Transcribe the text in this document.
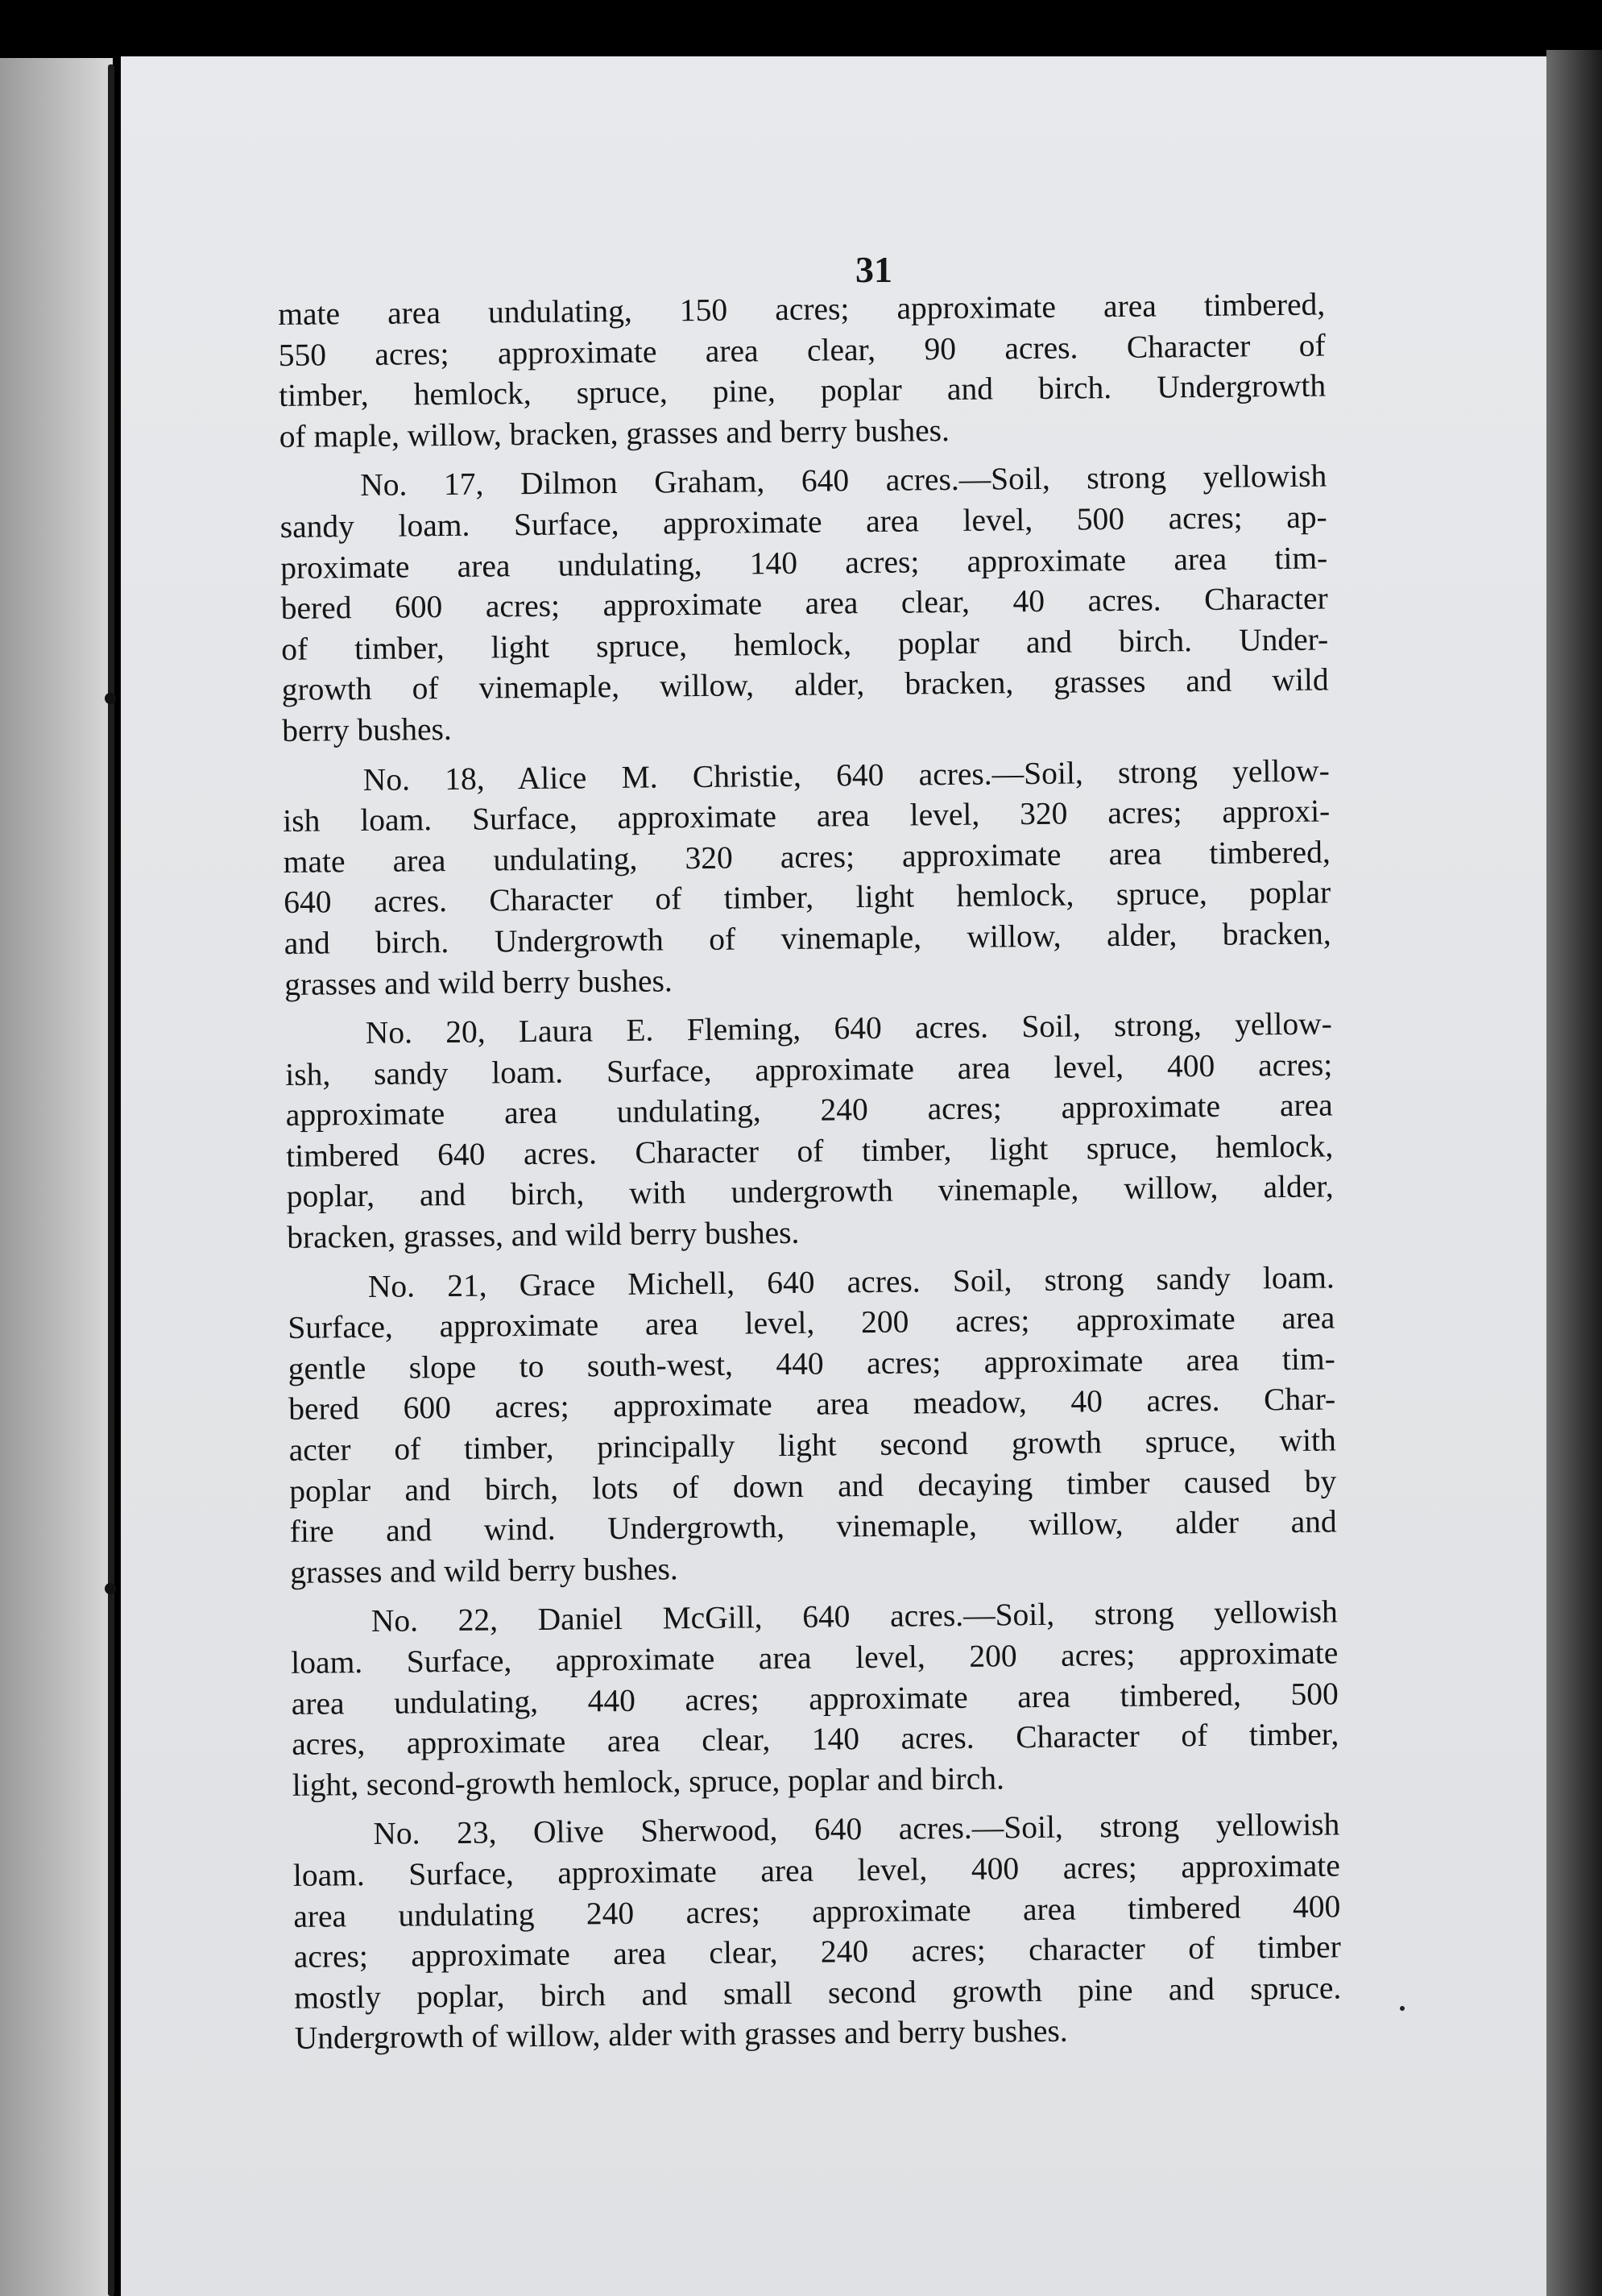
31
mate area undulating, 150 acres; approximate area timbered,
550 acres; approximate area clear, 90 acres. Character of
timber, hemlock, spruce, pine, poplar and birch. Undergrowth
of maple, willow, bracken, grasses and berry bushes.
No. 17, Dilmon Graham, 640 acres.—Soil, strong yellowish
sandy loam. Surface, approximate area level, 500 acres; ap-
proximate area undulating, 140 acres; approximate area tim-
bered 600 acres; approximate area clear, 40 acres. Character
of timber, light spruce, hemlock, poplar and birch. Under-
growth of vinemaple, willow, alder, bracken, grasses and wild
berry bushes.
No. 18, Alice M. Christie, 640 acres.—Soil, strong yellow-
ish loam. Surface, approximate area level, 320 acres; approxi-
mate area undulating, 320 acres; approximate area timbered,
640 acres. Character of timber, light hemlock, spruce, poplar
and birch. Undergrowth of vinemaple, willow, alder, bracken,
grasses and wild berry bushes.
No. 20, Laura E. Fleming, 640 acres. Soil, strong, yellow-
ish, sandy loam. Surface, approximate area level, 400 acres;
approximate area undulating, 240 acres; approximate area
timbered 640 acres. Character of timber, light spruce, hemlock,
poplar, and birch, with undergrowth vinemaple, willow, alder,
bracken, grasses, and wild berry bushes.
No. 21, Grace Michell, 640 acres. Soil, strong sandy loam.
Surface, approximate area level, 200 acres; approximate area
gentle slope to south-west, 440 acres; approximate area tim-
bered 600 acres; approximate area meadow, 40 acres. Char-
acter of timber, principally light second growth spruce, with
poplar and birch, lots of down and decaying timber caused by
fire and wind. Undergrowth, vinemaple, willow, alder and
grasses and wild berry bushes.
No. 22, Daniel McGill, 640 acres.—Soil, strong yellowish
loam. Surface, approximate area level, 200 acres; approximate
area undulating, 440 acres; approximate area timbered, 500
acres, approximate area clear, 140 acres. Character of timber,
light, second-growth hemlock, spruce, poplar and birch.
No. 23, Olive Sherwood, 640 acres.—Soil, strong yellowish
loam. Surface, approximate area level, 400 acres; approximate
area undulating 240 acres; approximate area timbered 400
acres; approximate area clear, 240 acres; character of timber
mostly poplar, birch and small second growth pine and spruce.
Undergrowth of willow, alder with grasses and berry bushes.
